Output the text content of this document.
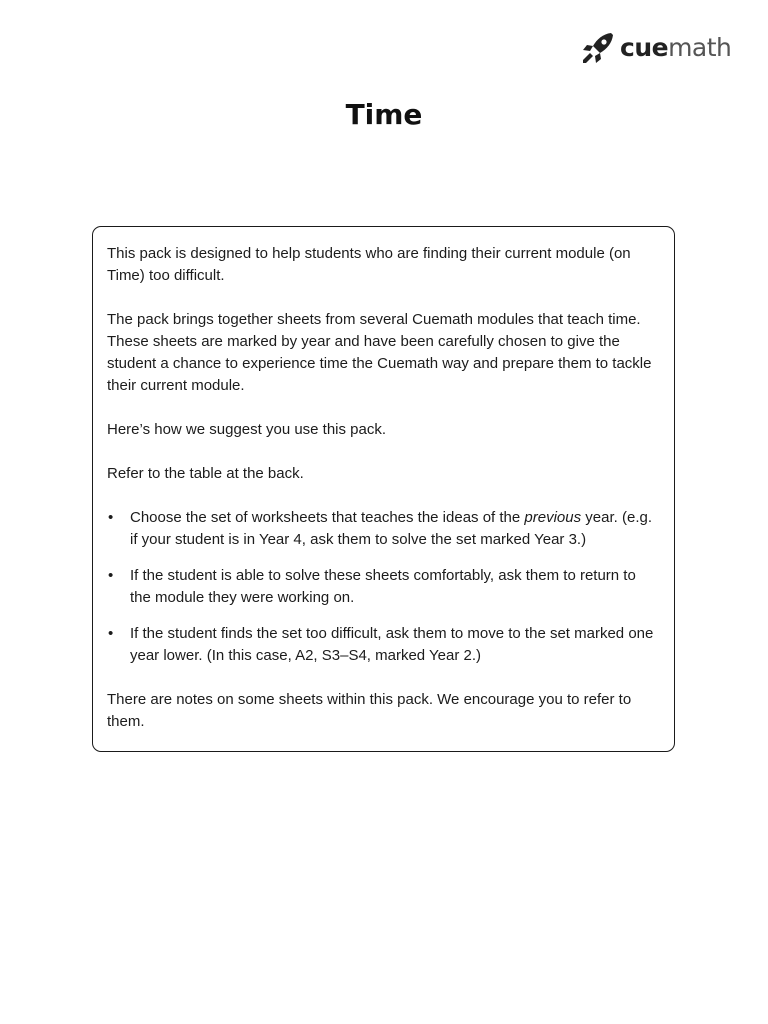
cuemath
Time

This pack is designed to help students who are finding their current module (on Time) too difficult.

The pack brings together sheets from several Cuemath modules that teach time. These sheets are marked by year and have been carefully chosen to give the student a chance to experience time the Cuemath way and prepare them to tackle their current module.

Here’s how we suggest you use this pack.

Refer to the table at the back.

• Choose the set of worksheets that teaches the ideas of the previous year. (e.g. if your student is in Year 4, ask them to solve the set marked Year 3.)
• If the student is able to solve these sheets comfortably, ask them to return to the module they were working on.
• If the student finds the set too difficult, ask them to move to the set marked one year lower. (In this case, A2, S3–S4, marked Year 2.)

There are notes on some sheets within this pack. We encourage you to refer to them.
